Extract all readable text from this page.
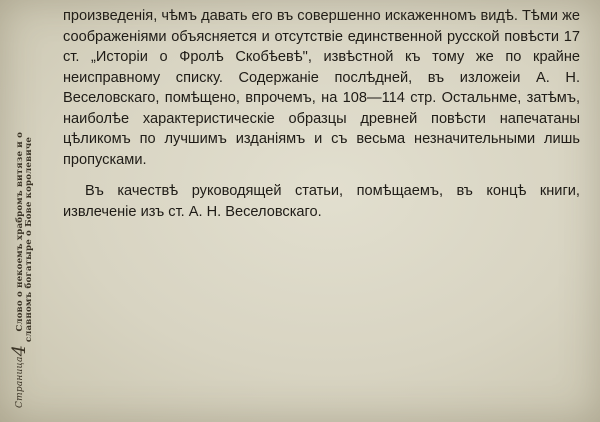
Страница4 Слово о некоемъ храбромъ витязе и о славномъ богатыре о Бове королевиче

произведенія, чѣмъ давать его въ совершенно искаженномъ видѣ. Тѣми же соображеніями объясняется и отсутствіе единственной русской повѣсти 17 ст. „Исторіи о Фролѣ Скобѣевѣ", извѣстной къ тому же по крайне неисправному списку. Содержаніе послѣдней, въ изложеіи А. Н. Веселовскаго, помѣщено, впрочемъ, на 108—114 стр. Остальнме, затѣмъ, наиболѣе характеристическіе образцы древней повѣсти напечатаны цѣликомъ по лучшимъ изданіямъ и съ весьма незначительными лишь пропусками.

Въ качествѣ руководящей статьи, помѣщаемъ, въ концѣ книги, извлеченіе изъ ст. А. Н. Веселовскаго.
